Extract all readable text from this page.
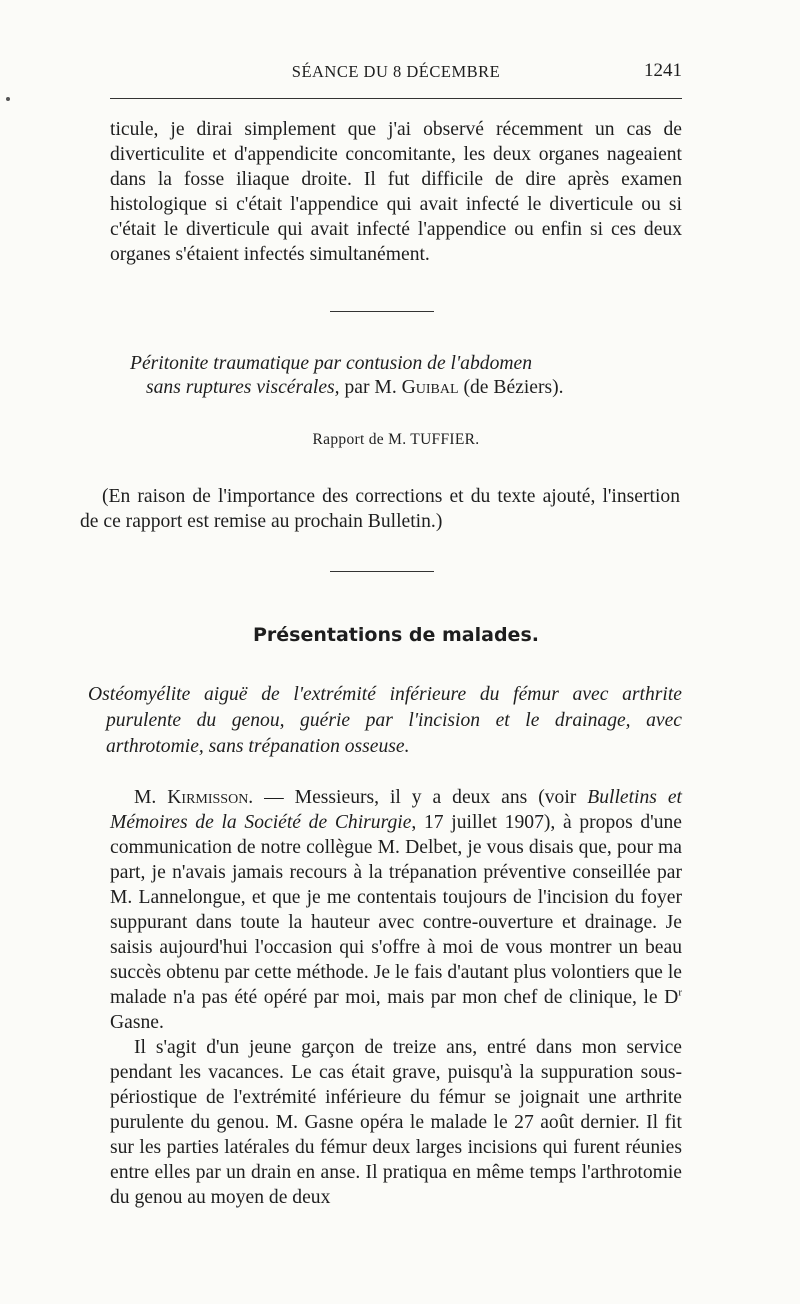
SÉANCE DU 8 DÉCEMBRE	1241

ticule, je dirai simplement que j'ai observé récemment un cas de diverticulite et d'appendicite concomitante, les deux organes nageaient dans la fosse iliaque droite. Il fut difficile de dire après examen histologique si c'était l'appendice qui avait infecté le diverticule ou si c'était le diverticule qui avait infecté l'appendice ou enfin si ces deux organes s'étaient infectés simultanément.

Péritonite traumatique par contusion de l'abdomen
sans ruptures viscérales, par M. Guibal (de Béziers).
Rapport de M. TUFFIER.

(En raison de l'importance des corrections et du texte ajouté, l'insertion de ce rapport est remise au prochain Bulletin.)

Présentations de malades.
Ostéomyélite aiguë de l'extrémité inférieure du fémur avec arthrite
purulente du genou, guérie par l'incision et le drainage, avec
arthrotomie, sans trépanation osseuse.

M. Kirmisson. — Messieurs, il y a deux ans (voir Bulletins et Mémoires de la Société de Chirurgie, 17 juillet 1907), à propos d'une communication de notre collègue M. Delbet, je vous disais que, pour ma part, je n'avais jamais recours à la trépanation préventive conseillée par M. Lannelongue, et que je me contentais toujours de l'incision du foyer suppurant dans toute la hauteur avec contre-ouverture et drainage. Je saisis aujourd'hui l'occasion qui s'offre à moi de vous montrer un beau succès obtenu par cette méthode. Je le fais d'autant plus volontiers que le malade n'a pas été opéré par moi, mais par mon chef de clinique, le $D^r$ Gasne.

Il s'agit d'un jeune garçon de treize ans, entré dans mon service pendant les vacances. Le cas était grave, puisqu'à la suppuration sous-périostique de l'extrémité inférieure du fémur se joignait une arthrite purulente du genou. M. Gasne opéra le malade le 27 août dernier. Il fit sur les parties latérales du fémur deux larges incisions qui furent réunies entre elles par un drain en anse. Il pratiqua en même temps l'arthrotomie du genou au moyen de deux
